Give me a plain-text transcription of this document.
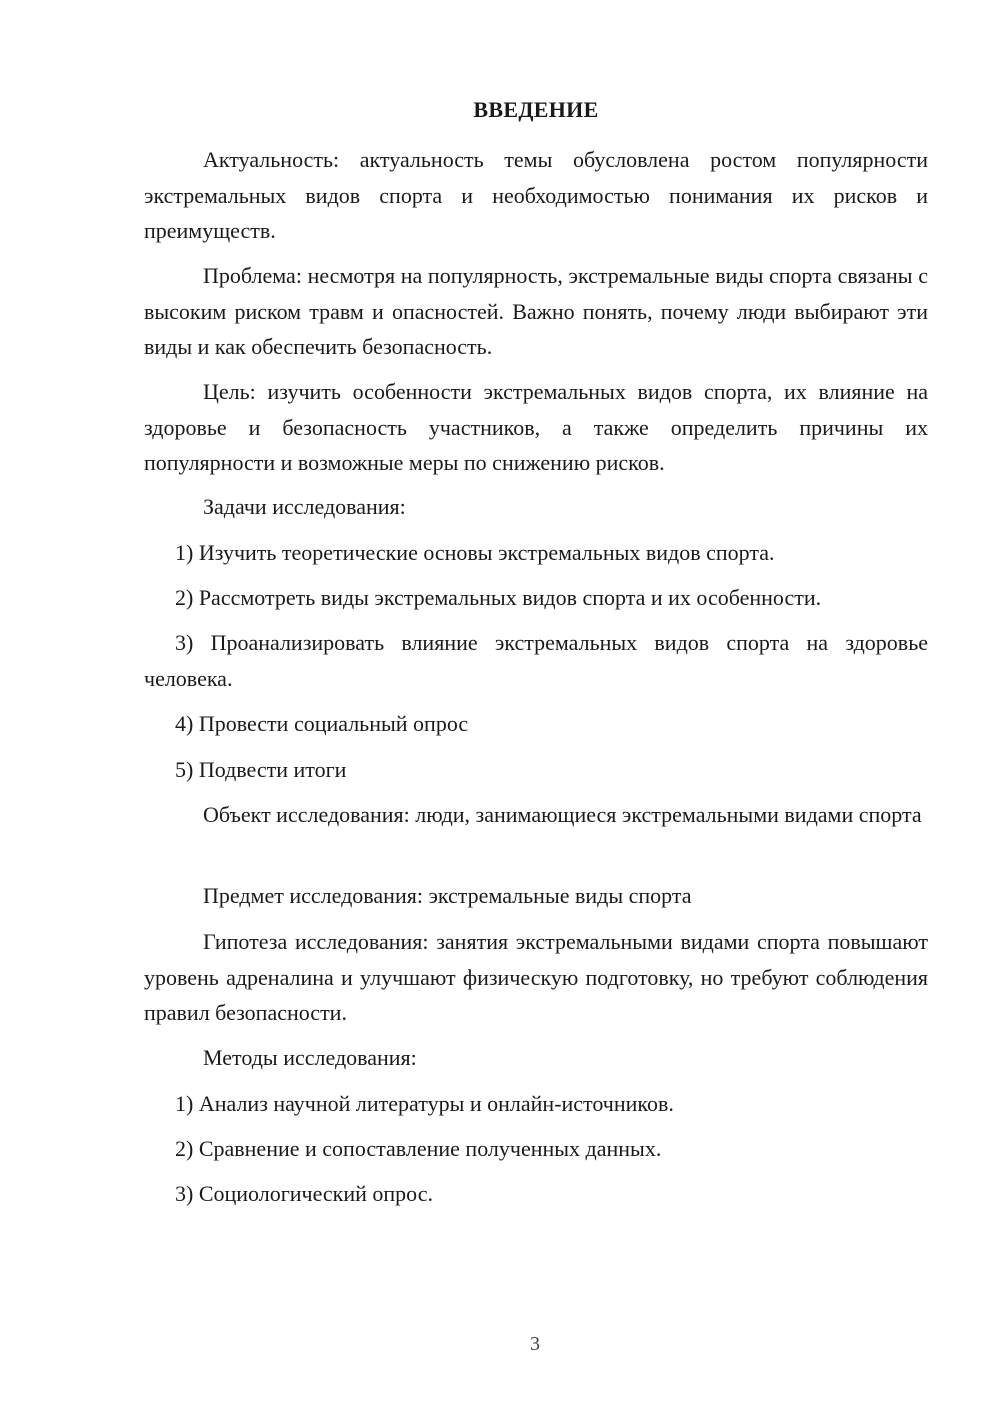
ВВЕДЕНИЕ
Актуальность: актуальность темы обусловлена ростом популярности экстремальных видов спорта и необходимостью понимания их рисков и преимуществ.
Проблема: несмотря на популярность, экстремальные виды спорта связаны с высоким риском травм и опасностей. Важно понять, почему люди выбирают эти виды и как обеспечить безопасность.
Цель: изучить особенности экстремальных видов спорта, их влияние на здоровье и безопасность участников, а также определить причины их популярности и возможные меры по снижению рисков.
Задачи исследования:
1) Изучить теоретические основы экстремальных видов спорта.
2) Рассмотреть виды экстремальных видов спорта и их особенности.
3) Проанализировать влияние экстремальных видов спорта на здоровье человека.
4) Провести социальный опрос
5) Подвести итоги
Объект исследования: люди, занимающиеся экстремальными видами спорта
Предмет исследования: экстремальные виды спорта
Гипотеза исследования: занятия экстремальными видами спорта повышают уровень адреналина и улучшают физическую подготовку, но требуют соблюдения правил безопасности.
Методы исследования:
1) Анализ научной литературы и онлайн-источников.
2) Сравнение и сопоставление полученных данных.
3) Социологический опрос.
3
